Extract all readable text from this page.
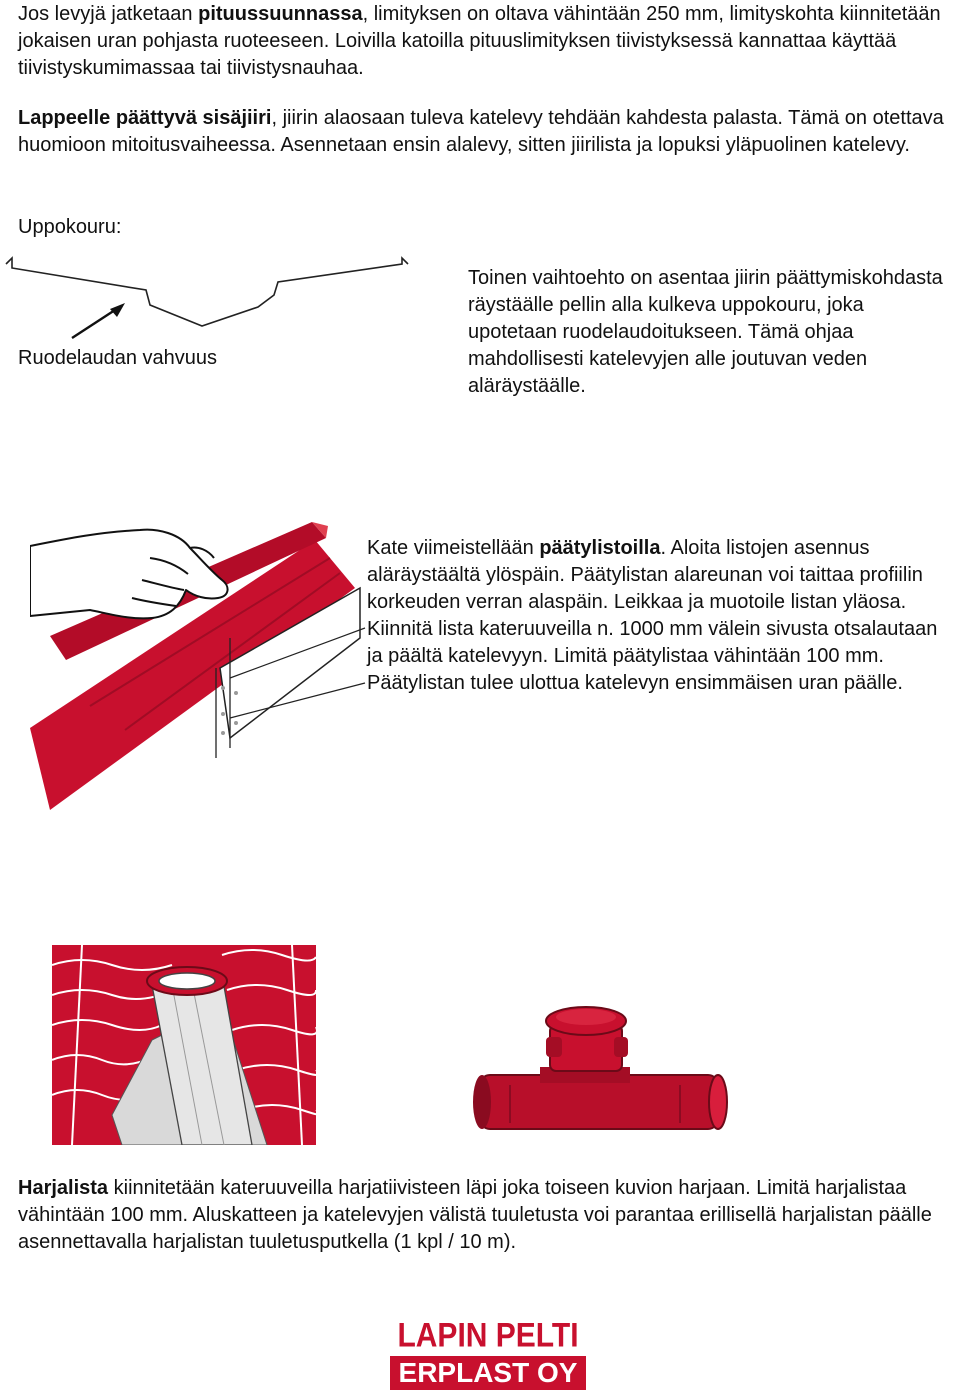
Jos levyjä jatketaan pituussuunnassa, limityksen on oltava vähintään 250 mm, limityskohta kiinnitetään jokaisen uran pohjasta ruoteeseen. Loivilla katoilla pituuslimityksen tiivistyksessä kannattaa käyttää tiivistyskumimassaa tai tiivistysnauhaa.

Lappeelle päättyvä sisäjiiri, jiirin alaosaan tuleva katelevy tehdään kahdesta palasta. Tämä on otettava huomioon mitoitusvaiheessa. Asennetaan ensin alalevy, sitten jiirilista ja lopuksi yläpuolinen katelevy.

Uppokouru:

Ruodelaudan vahvuus

Toinen vaihtoehto on asentaa jiirin päättymiskohdasta räystäälle pellin alla kulkeva uppokouru, joka upotetaan ruodelaudoitukseen. Tämä ohjaa mahdollisesti katelevyjen alle joutuvan veden aläräystäälle.

Kate viimeistellään päätylistoilla. Aloita listojen asennus aläräystäältä ylöspäin. Päätylistan alareunan voi taittaa profiilin korkeuden verran alaspäin. Leikkaa ja muotoile listan yläosa. Kiinnitä lista kateruuveilla n. 1000 mm välein sivusta otsalautaan ja päältä katelevyyn. Limitä päätylistaa vähintään 100 mm. Päätylistan tulee ulottua katelevyn ensimmäisen uran päälle.

Harjalista kiinnitetään kateruuveilla harjatiivisteen läpi joka toiseen kuvion harjaan. Limitä harjalistaa vähintään 100 mm. Aluskatteen ja katelevyjen välistä tuuletusta voi parantaa erillisellä harjalistan päälle asennettavalla harjalistan tuuletusputkella (1 kpl / 10 m).

LAPIN PELTI
ERPLAST OY
